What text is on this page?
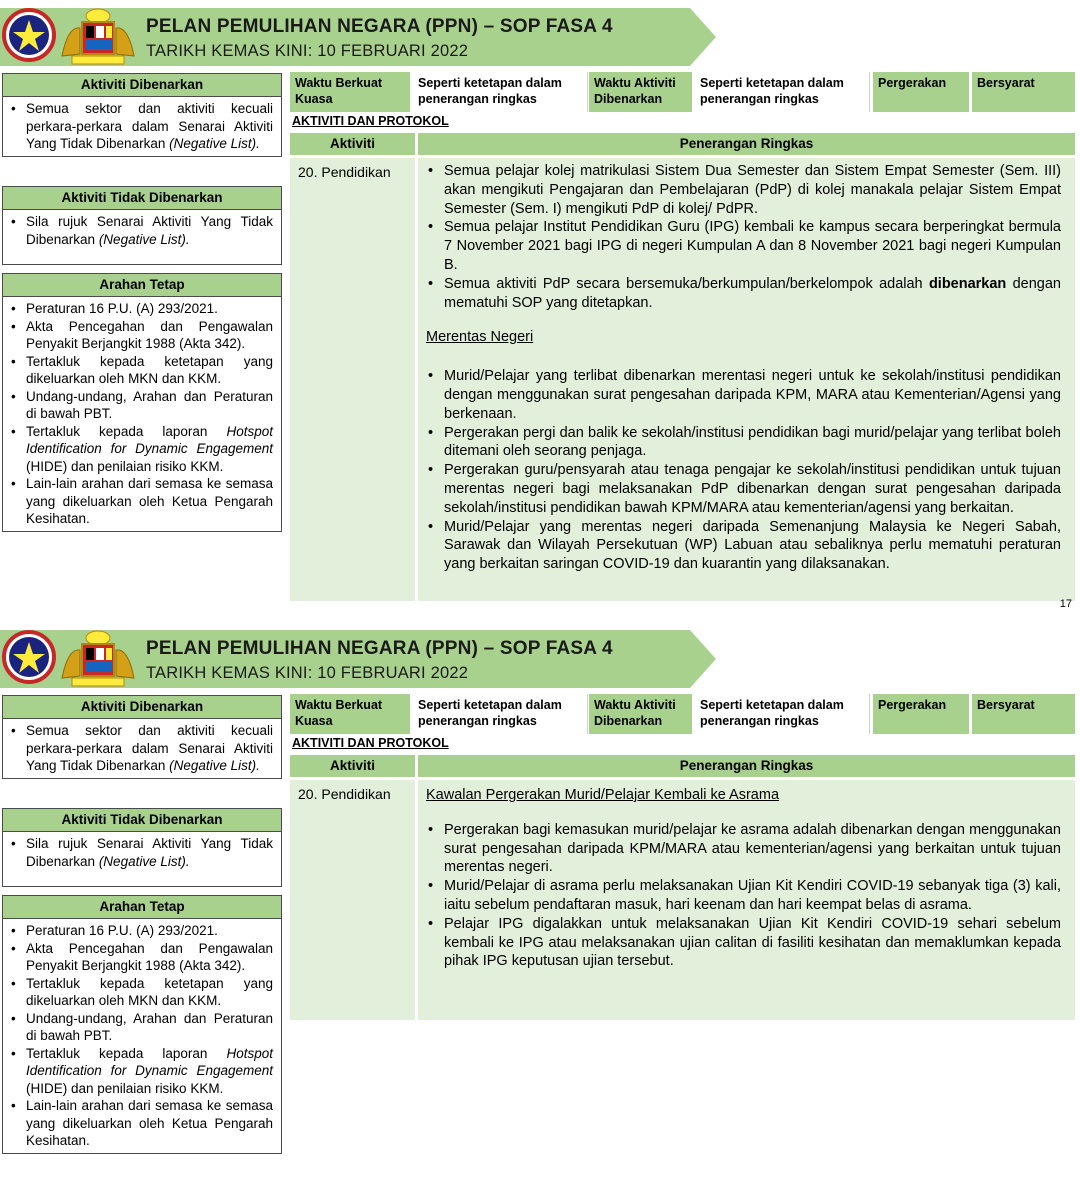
PELAN PEMULIHAN NEGARA (PPN) – SOP FASA 4
TARIKH KEMAS KINI: 10 FEBRUARI 2022
Aktiviti Dibenarkan
• Semua sektor dan aktiviti kecuali perkara-perkara dalam Senarai Aktiviti Yang Tidak Dibenarkan (Negative List).
Aktiviti Tidak Dibenarkan
• Sila rujuk Senarai Aktiviti Yang Tidak Dibenarkan (Negative List).
Arahan Tetap
• Peraturan 16 P.U. (A) 293/2021.
• Akta Pencegahan dan Pengawalan Penyakit Berjangkit 1988 (Akta 342).
• Tertakluk kepada ketetapan yang dikeluarkan oleh MKN dan KKM.
• Undang-undang, Arahan dan Peraturan di bawah PBT.
• Tertakluk kepada laporan Hotspot Identification for Dynamic Engagement (HIDE) dan penilaian risiko KKM.
• Lain-lain arahan dari semasa ke semasa yang dikeluarkan oleh Ketua Pengarah Kesihatan.
Waktu Berkuat Kuasa
Seperti ketetapan dalam penerangan ringkas
Waktu Aktiviti Dibenarkan
Seperti ketetapan dalam penerangan ringkas
Pergerakan	Bersyarat
AKTIVITI DAN PROTOKOL
Aktiviti	Penerangan Ringkas
20. Pendidikan
•	Semua pelajar kolej matrikulasi Sistem Dua Semester dan Sistem Empat Semester (Sem. III) akan mengikuti Pengajaran dan Pembelajaran (PdP) di kolej manakala pelajar Sistem Empat Semester (Sem. I) mengikuti PdP di kolej/ PdPR.
• Semua pelajar Institut Pendidikan Guru (IPG) kembali ke kampus secara berperingkat bermula 7 November 2021 bagi IPG di negeri Kumpulan A dan 8 November 2021 bagi negeri Kumpulan B.
• Semua aktiviti PdP secara bersemuka/berkumpulan/berkelompok adalah dibenarkan dengan mematuhi SOP yang ditetapkan.
Merentas Negeri
• Murid/Pelajar yang terlibat dibenarkan merentasi negeri untuk ke sekolah/institusi pendidikan dengan menggunakan surat pengesahan daripada KPM, MARA atau Kementerian/Agensi yang berkenaan.
• Pergerakan pergi dan balik ke sekolah/institusi pendidikan bagi murid/pelajar yang terlibat boleh ditemani oleh seorang penjaga.
• Pergerakan guru/pensyarah atau tenaga pengajar ke sekolah/institusi pendidikan untuk tujuan merentas negeri bagi melaksanakan PdP dibenarkan dengan surat pengesahan daripada sekolah/institusi pendidikan bawah KPM/MARA atau kementerian/agensi yang berkaitan.
• Murid/Pelajar yang merentas negeri daripada Semenanjung Malaysia ke Negeri Sabah, Sarawak dan Wilayah Persekutuan (WP) Labuan atau sebaliknya perlu mematuhi peraturan yang berkaitan saringan COVID-19 dan kuarantin yang dilaksanakan.
17
PELAN PEMULIHAN NEGARA (PPN) – SOP FASA 4
TARIKH KEMAS KINI: 10 FEBRUARI 2022
Aktiviti Dibenarkan
• Semua sektor dan aktiviti kecuali perkara-perkara dalam Senarai Aktiviti Yang Tidak Dibenarkan (Negative List).
Aktiviti Tidak Dibenarkan
• Sila rujuk Senarai Aktiviti Yang Tidak Dibenarkan (Negative List).
Arahan Tetap
• Peraturan 16 P.U. (A) 293/2021.
• Akta Pencegahan dan Pengawalan Penyakit Berjangkit 1988 (Akta 342).
• Tertakluk kepada ketetapan yang dikeluarkan oleh MKN dan KKM.
• Undang-undang, Arahan dan Peraturan di bawah PBT.
• Tertakluk kepada laporan Hotspot Identification for Dynamic Engagement (HIDE) dan penilaian risiko KKM.
• Lain-lain arahan dari semasa ke semasa yang dikeluarkan oleh Ketua Pengarah Kesihatan.
Waktu Berkuat Kuasa
Seperti ketetapan dalam penerangan ringkas
Waktu Aktiviti Dibenarkan
Seperti ketetapan dalam penerangan ringkas
Pergerakan	Bersyarat
AKTIVITI DAN PROTOKOL
Aktiviti	Penerangan Ringkas
20. Pendidikan	Kawalan Pergerakan Murid/Pelajar Kembali ke Asrama
• Pergerakan bagi kemasukan murid/pelajar ke asrama adalah dibenarkan dengan menggunakan surat pengesahan daripada KPM/MARA atau kementerian/agensi yang berkaitan untuk tujuan merentas negeri.
• Murid/Pelajar di asrama perlu melaksanakan Ujian Kit Kendiri COVID-19 sebanyak tiga (3) kali, iaitu sebelum pendaftaran masuk, hari keenam dan hari keempat belas di asrama.
• Pelajar IPG digalakkan untuk melaksanakan Ujian Kit Kendiri COVID-19 sehari sebelum kembali ke IPG atau melaksanakan ujian calitan di fasiliti kesihatan dan memaklumkan kepada pihak IPG keputusan ujian tersebut.
